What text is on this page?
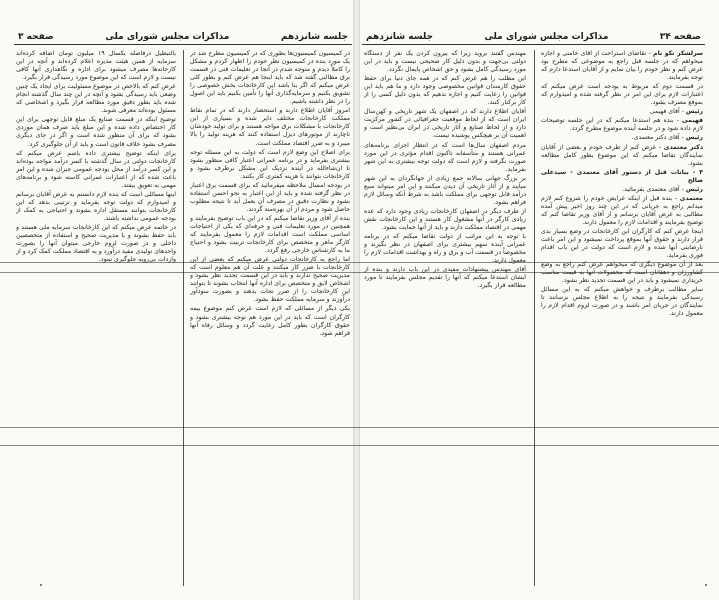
جلسه شانزدهم
مذاکرات مجلس شورای ملی
صفحه ۳
در کمیسیون کمیسیون‌ها بطوری که در کمیسیون مطرح شد در یک مورد بنده در کمیسیون نظر خودم را اظهار کردم و مشکل را کاملاً دیدم و متوجه شدم در آنجا در تعلیمات فنی در قسمت برق مطالبی گفته شد که باید اینجا هم عرض کنم و بطور کلی عرض میکنم که اگر بنا باشد این کارخانجات بخش خصوصی را تشویق بکنیم و سرمایه‌گذاری آنها را تأمین بکنیم باید این اصول را در نظر داشته باشیم.
امروز آقایان اطلاع دارند و استحضار دارند که در تمام نقاط مملکت کارخانجات مختلف دایر شده و بسیاری از این کارخانجات با مشکلات برق مواجه هستند و برای تولید خودشان ناچارند از موتورهای دیزل استفاده کنند که هزینه تولید را بالا میبرد و به ضرر اقتصاد مملکت است.
برای اصلاح این وضع لازم است که دولت به این مسئله توجه بیشتری بفرماید و در برنامه عمرانی اعتبار کافی منظور بشود تا ان‌شاءالله در آینده نزدیک این مشکل برطرف بشود و کارخانجات بتوانند با هزینه کمتری کار بکنند.
در بودجه امسال ملاحظه میفرمائید که برای قسمت برق اعتبار در نظر گرفته شده و باید از این اعتبار به نحو احسن استفاده بشود و نظارت دقیق در مصرف آن بعمل آید تا نتیجه مطلوب حاصل شود و مردم از آن بهره‌مند گردند.
بنده از آقای وزیر تقاضا میکنم که در این باب توضیح بفرمایند و همچنین در مورد تعلیمات فنی و حرفه‌ای که یکی از احتیاجات اساسی مملکت است اقدامات لازم را معمول بفرمایند که کارگر ماهر و متخصص برای کارخانجات تربیت بشود و احتیاج ما به کارشناس خارجی رفع گردد.
اما راجع به کارخانجات دولتی عرض میکنم که بعضی از این کارخانجات با ضرر کار میکنند و علت آن هم معلوم است که مدیریت صحیح ندارند و باید در این قسمت تجدید نظر بشود و اشخاص لایق و متخصص برای اداره آنها انتخاب بشوند تا بتوانند این کارخانجات را از ضرر نجات بدهند و بصورت سودآور درآورند و سرمایه مملکت حفظ بشود.
یکی دیگر از مسائلی که لازم است عرض کنم موضوع بیمه کارگران است که باید در این مورد هم توجه بیشتری بشود و حقوق کارگران بطور کامل رعایت گردد و وسائل رفاه آنها فراهم شود.
بالتبطیل درفاصله یکسال ۱۹ میلیون تومان اضافه کرده‌اند سرمایه از همین هیئت مدیره اعلام کرده‌اند و آنچه در این کارخانه‌ها مصرف میشود برای اداره و نگاهداری آنها کافی نیست و لازم است که این موضوع مورد رسیدگی قرار بگیرد.
عرض کنم که بالاخص در موضوع مسئولیت برای ایجاد یک چنین وضعی باید رسیدگی بشود و آنچه در این چند سال گذشته انجام شده باید بطور دقیق مورد مطالعه قرار بگیرد و اشخاصی که مسئول بوده‌اند معرفی شوند.
توضیح اینکه در قسمت صنایع یک مبلغ قابل توجهی برای این کار اختصاص داده شده و این مبلغ باید صرف همان موردی بشود که برای آن منظور شده است و اگر در جای دیگری مصرف بشود خلاف قانون است و باید از آن جلوگیری کرد.
برای اینکه توضیح بیشتری داده باشم عرض میکنم که کارخانجات دولتی در سال گذشته با کسر درآمد مواجه بوده‌اند و این کسر درآمد از محل بودجه عمومی جبران شده و این امر باعث شده که از اعتبارات عمرانی کاسته شود و برنامه‌های مهمی به تعویق بیفتد.
اینها مسائلی است که بنده لازم دانستم به عرض آقایان برسانم و امیدوارم که دولت توجه بفرماید و ترتیبی بدهد که این کارخانجات بتوانند مستقل اداره بشوند و احتیاجی به کمک از بودجه عمومی نداشته باشند.
در خاتمه عرض میکنم که این کارخانجات سرمایه ملی هستند و باید حفظ بشوند و با مدیریت صحیح و استفاده از متخصصین داخلی و در صورت لزوم خارجی میتوان آنها را بصورت واحدهای تولیدی مفید درآورد و به اقتصاد مملکت کمک کرد و از واردات بی‌رویه جلوگیری نمود.
صفحه ۳۴
مذاکرات مجلس شورای ملی
جلسه شانزدهم
سرلشکر نکو نام - تقاضای استراحت از آقای خامنی و اجازه میخواهم که در جلسه قبل راجع به موضوعی که مطرح بود عرض کنم و نظر خودم را بیان نمایم و از آقایان استدعا دارم که توجه بفرمایند.
در قسمت دوم که مربوط به بودجه است عرض میکنم که اعتبارات لازم برای این امر در نظر گرفته شده و امیدوارم که بموقع مصرف بشود.
رئیس - آقای فهیمی
فهیمی - بنده هم استدعا میکنم که در این جلسه توضیحات لازم داده شود و در جلسه آینده موضوع مطرح گردد.
رئیس - آقای دکتر معتمدی.
دکتر معتمدی - عرض کنم از طرف خودم و بعضی از آقایان نمایندگان تقاضا میکنم که این موضوع بطور کامل مطالعه بشود.
۴ - بیانات قبل از دستور آقای معتمدی - سیدعلی صالح
رئیس - آقای معتمدی بفرمائید.
معتمدی - بنده قبل از اینکه عرایض خودم را شروع کنم لازم میدانم راجع به جریانی که در این چند روز اخیر پیش آمده مطالبی به عرض آقایان برسانم و از آقای وزیر تقاضا کنم که توضیح بفرمایند و اقدامات لازم را معمول دارند.
اینجا عرض کنم که کارگران این کارخانجات در وضع بسیار بدی قرار دارند و حقوق آنها بموقع پرداخت نمیشود و این امر باعث نارضایتی آنها شده و لازم است که دولت در این باب اقدام فوری بفرماید.
بعد از آن موضوع دیگری که میخواهم عرض کنم راجع به وضع کشاورزان و دهقانان است که محصولات آنها به قیمت مناسب خریداری نمیشود و باید در این قسمت تجدید نظر بشود.
سایر مطالب برطرف و خواهش میکنم که به این مسائل رسیدگی بفرمایند و نتیجه را به اطلاع مجلس برسانند تا نمایندگان در جریان امر باشند و در صورت لزوم اقدام لازم را معمول دارند.
مهندس گفتند بروید زیرا که بیرون کردن یک نفر از دستگاه دولتی بی‌جهت و بدون دلیل کار صحیحی نیست و باید در این مورد رسیدگی کامل بشود و حق اشخاص پایمال نگردد.
این مطلب را هم عرض کنم که در همه جای دنیا برای حفظ حقوق کارمندان قوانین مخصوصی وجود دارد و ما هم باید این قوانین را رعایت کنیم و اجازه ندهیم که بدون دلیل کسی را از کار برکنار کنند.
آقایان اطلاع دارند که در اصفهان یک شهر تاریخی و کهن‌سال ایران است که از لحاظ موقعیت جغرافیائی در کشور مرکزیت دارد و از لحاظ صنایع و آثار تاریخی در ایران بی‌نظیر است و اهمیت آن بر هیچکس پوشیده نیست.
مردم اصفهان سال‌ها است که در انتظار اجرای برنامه‌های عمرانی هستند و متأسفانه تاکنون اقدام مؤثری در این مورد صورت نگرفته و لازم است که دولت توجه بیشتری به این شهر بفرماید.
بر بزرگ جهانی سالانه جمع زیادی از جهانگردان به این شهر میآیند و از آثار تاریخی آن دیدن میکنند و این امر میتواند منبع درآمد قابل توجهی برای مملکت باشد به شرط آنکه وسائل لازم فراهم بشود.
از طرف دیگر در اصفهان کارخانجات زیادی وجود دارد که عده زیادی کارگر در آنها مشغول کار هستند و این کارخانجات نقش مهمی در اقتصاد مملکت دارند و باید از آنها حمایت بشود.
با توجه به این مراتب از دولت تقاضا میکنم که در برنامه عمرانی آینده سهم بیشتری برای اصفهان در نظر بگیرند و مخصوصاً در قسمت آب و برق و راه و بهداشت اقدامات لازم را معمول دارند.
آقای مهندس پیشنهادات مفیدی در این باب دارند و بنده از ایشان استدعا میکنم که آنها را تقدیم مجلس بفرمایند تا مورد مطالعه قرار بگیرد.
